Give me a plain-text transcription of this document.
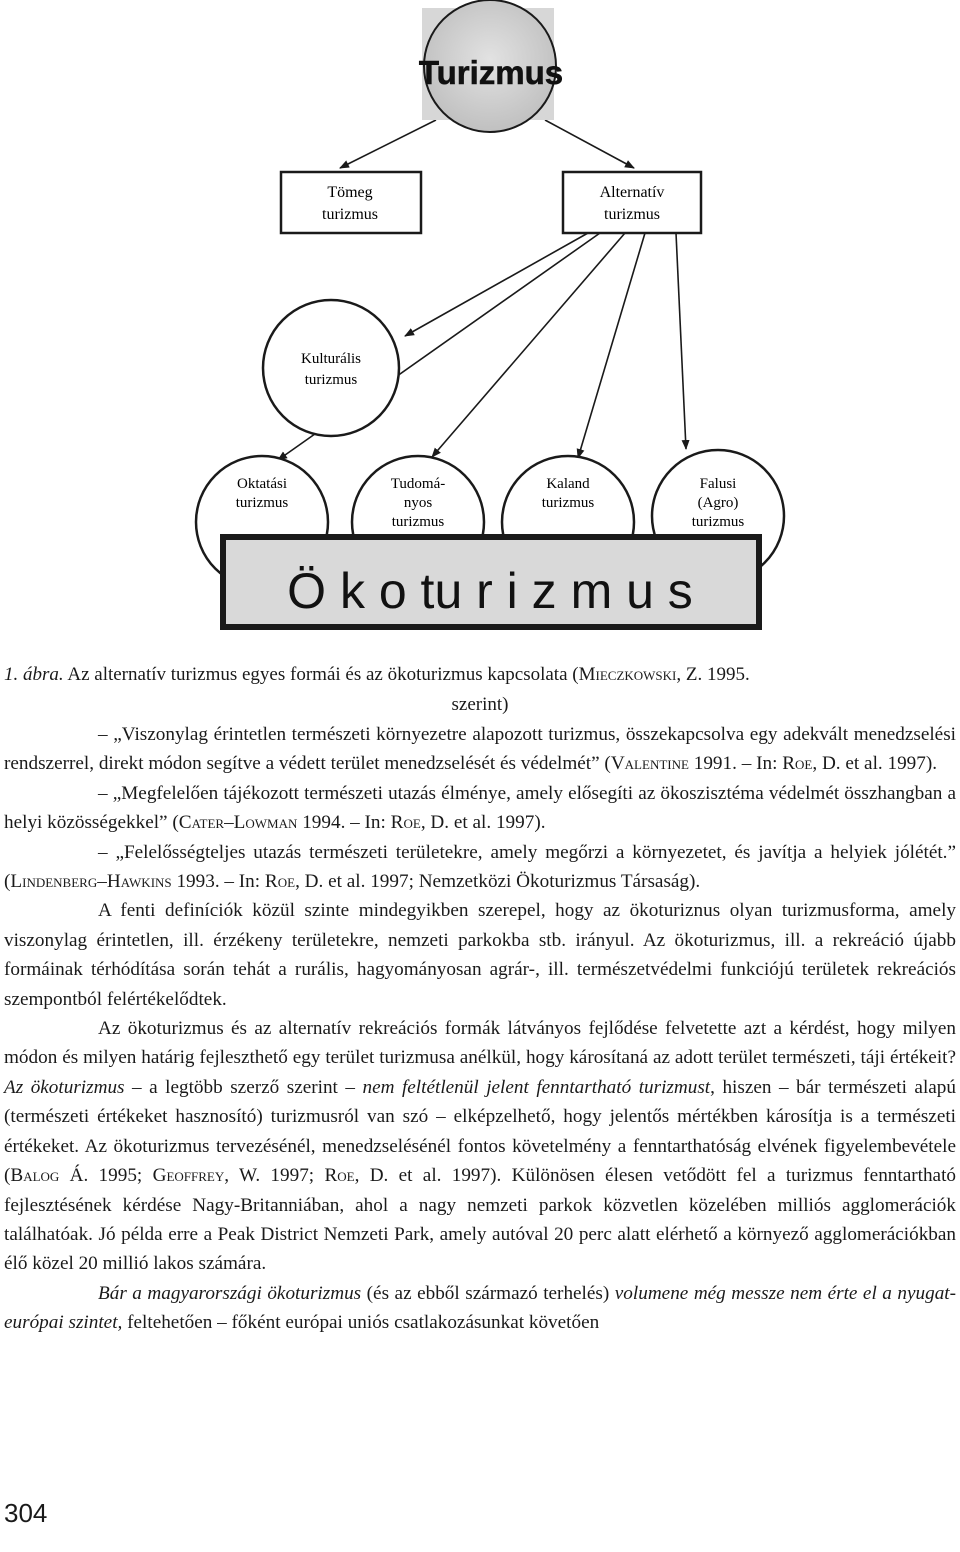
Turizmus
Tömeg
turizmus
Alternatív
turizmus
Kulturális
turizmus
Oktatási
turizmus
Tudomá-
nyos
turizmus
Kaland
turizmus
Falusi
(Agro)
turizmus
Ö k o tu r i z m u s
1. ábra. Az alternatív turizmus egyes formái és az ökoturizmus kapcsolata (Mieczkowski, Z. 1995.
szerint)

– „Viszonylag érintetlen természeti környezetre alapozott turizmus, összekapcsolva egy adekvált menedzselési rendszerrel, direkt módon segítve a védett terület menedzselését és védelmét” (Valentine 1991. – In: Roe, D. et al. 1997).

– „Megfelelően tájékozott természeti utazás élménye, amely elősegíti az ökoszisztéma védelmét összhangban a helyi közösségekkel” (Cater–Lowman 1994. – In: Roe, D. et al. 1997).

– „Felelősségteljes utazás természeti területekre, amely megőrzi a környezetet, és javítja a helyiek jólétét.” (Lindenberg–Hawkins 1993. – In: Roe, D. et al. 1997; Nemzetközi Ökoturizmus Társaság).

A fenti definíciók közül szinte mindegyikben szerepel, hogy az ökoturiznus olyan turizmusforma, amely viszonylag érintetlen, ill. érzékeny területekre, nemzeti parkokba stb. irányul. Az ökoturizmus, ill. a rekreáció újabb formáinak térhódítása során tehát a rurális, hagyományosan agrár-, ill. természetvédelmi funkciójú területek rekreációs szempontból felértékelődtek.

Az ökoturizmus és az alternatív rekreációs formák látványos fejlődése felvetette azt a kérdést, hogy milyen módon és milyen határig fejleszthető egy terület turizmusa anélkül, hogy károsítaná az adott terület természeti, táji értékeit? Az ökoturizmus – a legtöbb szerző szerint – nem feltétlenül jelent fenntartható turizmust, hiszen – bár természeti alapú (természeti értékeket hasznosító) turizmusról van szó – elképzelhető, hogy jelentős mértékben károsítja is a természeti értékeket. Az ökoturizmus tervezésénél, menedzselésénél fontos követelmény a fenntarthatóság elvének figyelembevétele (Balog Á. 1995; Geoffrey, W. 1997; Roe, D. et al. 1997). Különösen élesen vetődött fel a turizmus fenntartható fejlesztésének kérdése Nagy-Britanniában, ahol a nagy nemzeti parkok közvetlen közelében milliós agglomerációk találhatóak. Jó példa erre a Peak District Nemzeti Park, amely autóval 20 perc alatt elérhető a környező agglomerációkban élő közel 20 millió lakos számára.

Bár a magyarországi ökoturizmus (és az ebből származó terhelés) volumene még messze nem érte el a nyugat-európai szintet, feltehetően – főként európai uniós csatlakozásunkat követően

304
